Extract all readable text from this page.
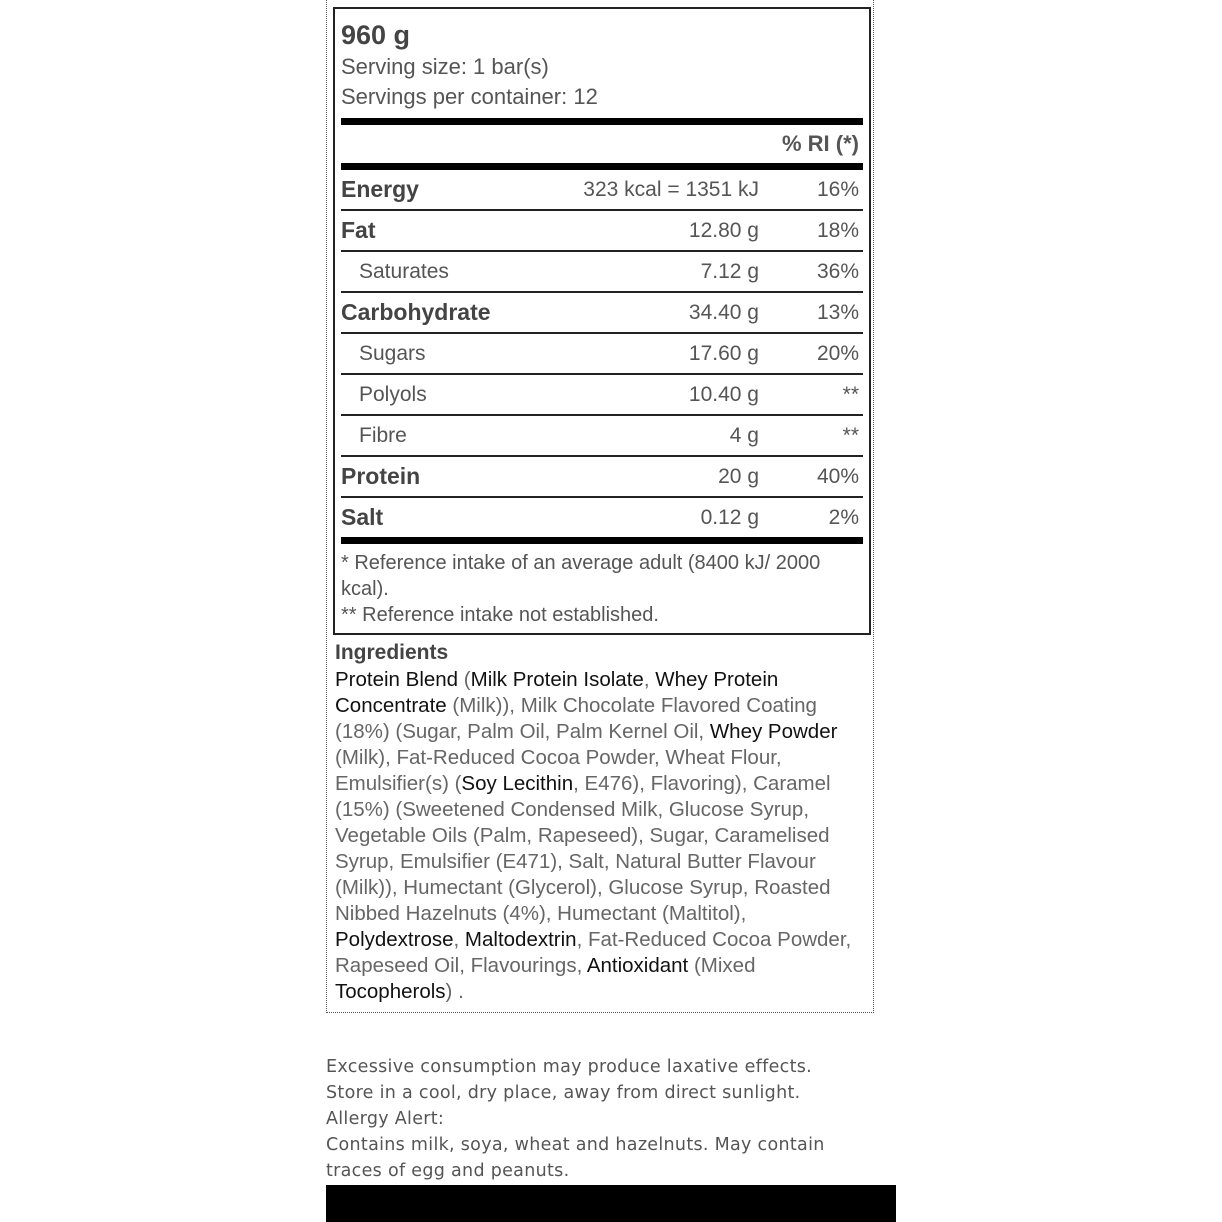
960 g
Serving size: 1 bar(s)
Servings per container: 12
% RI (*)
Energy	323 kcal = 1351 kJ	16%
Fat	12.80 g	18%
Saturates	7.12 g	36%
Carbohydrate	34.40 g	13%
Sugars	17.60 g	20%
Polyols	10.40 g	**
Fibre	4 g	**
Protein	20 g	40%
Salt	0.12 g	2%
* Reference intake of an average adult (8400 kJ/ 2000 kcal).
** Reference intake not established.
Ingredients
Protein Blend (Milk Protein Isolate, Whey Protein Concentrate (Milk)), Milk Chocolate Flavored Coating (18%) (Sugar, Palm Oil, Palm Kernel Oil, Whey Powder (Milk), Fat-Reduced Cocoa Powder, Wheat Flour, Emulsifier(s) (Soy Lecithin, E476), Flavoring), Caramel (15%) (Sweetened Condensed Milk, Glucose Syrup, Vegetable Oils (Palm, Rapeseed), Sugar, Caramelised Syrup, Emulsifier (E471), Salt, Natural Butter Flavour (Milk)), Humectant (Glycerol), Glucose Syrup, Roasted Nibbed Hazelnuts (4%), Humectant (Maltitol), Polydextrose, Maltodextrin, Fat-Reduced Cocoa Powder, Rapeseed Oil, Flavourings, Antioxidant (Mixed Tocopherols) .
Excessive consumption may produce laxative effects.
Store in a cool, dry place, away from direct sunlight.
Allergy Alert:
Contains milk, soya, wheat and hazelnuts. May contain traces of egg and peanuts.
